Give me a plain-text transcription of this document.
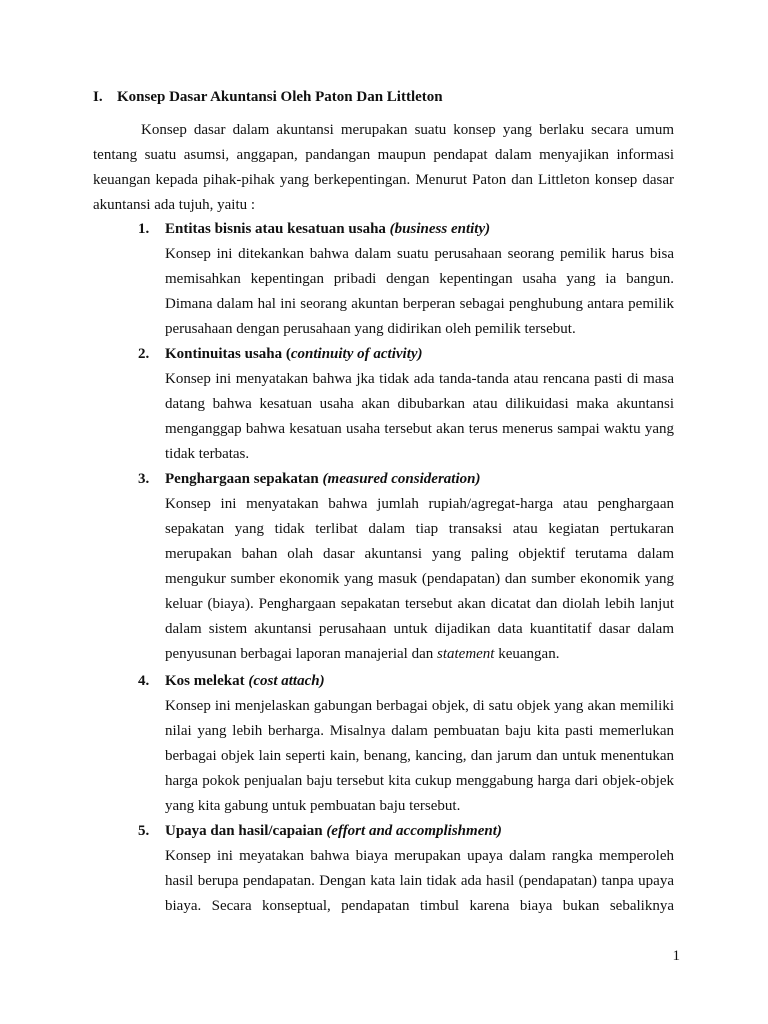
I. Konsep Dasar Akuntansi Oleh Paton Dan Littleton

Konsep dasar dalam akuntansi merupakan suatu konsep yang berlaku secara umum tentang suatu asumsi, anggapan, pandangan maupun pendapat dalam menyajikan informasi keuangan kepada pihak-pihak yang berkepentingan. Menurut Paton dan Littleton konsep dasar akuntansi ada tujuh, yaitu :

1. Entitas bisnis atau kesatuan usaha (business entity)
Konsep ini ditekankan bahwa dalam suatu perusahaan seorang pemilik harus bisa memisahkan kepentingan pribadi dengan kepentingan usaha yang ia bangun. Dimana dalam hal ini seorang akuntan berperan sebagai penghubung antara pemilik perusahaan dengan perusahaan yang didirikan oleh pemilik tersebut.
2. Kontinuitas usaha (continuity of activity)
Konsep ini menyatakan bahwa jka tidak ada tanda-tanda atau rencana pasti di masa datang bahwa kesatuan usaha akan dibubarkan atau dilikuidasi maka akuntansi menganggap bahwa kesatuan usaha tersebut akan terus menerus sampai waktu yang tidak terbatas.
3. Penghargaan sepakatan (measured consideration)
Konsep ini menyatakan bahwa jumlah rupiah/agregat-harga atau penghargaan sepakatan yang tidak terlibat dalam tiap transaksi atau kegiatan pertukaran merupakan bahan olah dasar akuntansi yang paling objektif terutama dalam mengukur sumber ekonomik yang masuk (pendapatan) dan sumber ekonomik yang keluar (biaya). Penghargaan sepakatan tersebut akan dicatat dan diolah lebih lanjut dalam sistem akuntansi perusahaan untuk dijadikan data kuantitatif dasar dalam penyusunan berbagai laporan manajerial dan statement keuangan.
4. Kos melekat (cost attach)
Konsep ini menjelaskan gabungan berbagai objek, di satu objek yang akan memiliki nilai yang lebih berharga. Misalnya dalam pembuatan baju kita pasti memerlukan berbagai objek lain seperti kain, benang, kancing, dan jarum dan untuk menentukan harga pokok penjualan baju tersebut kita cukup menggabung harga dari objek-objek yang kita gabung untuk pembuatan baju tersebut.
5. Upaya dan hasil/capaian (effort and accomplishment)
Konsep ini meyatakan bahwa biaya merupakan upaya dalam rangka memperoleh hasil berupa pendapatan. Dengan kata lain tidak ada hasil (pendapatan) tanpa upaya biaya. Secara konseptual, pendapatan timbul karena biaya bukan sebaliknya
1
